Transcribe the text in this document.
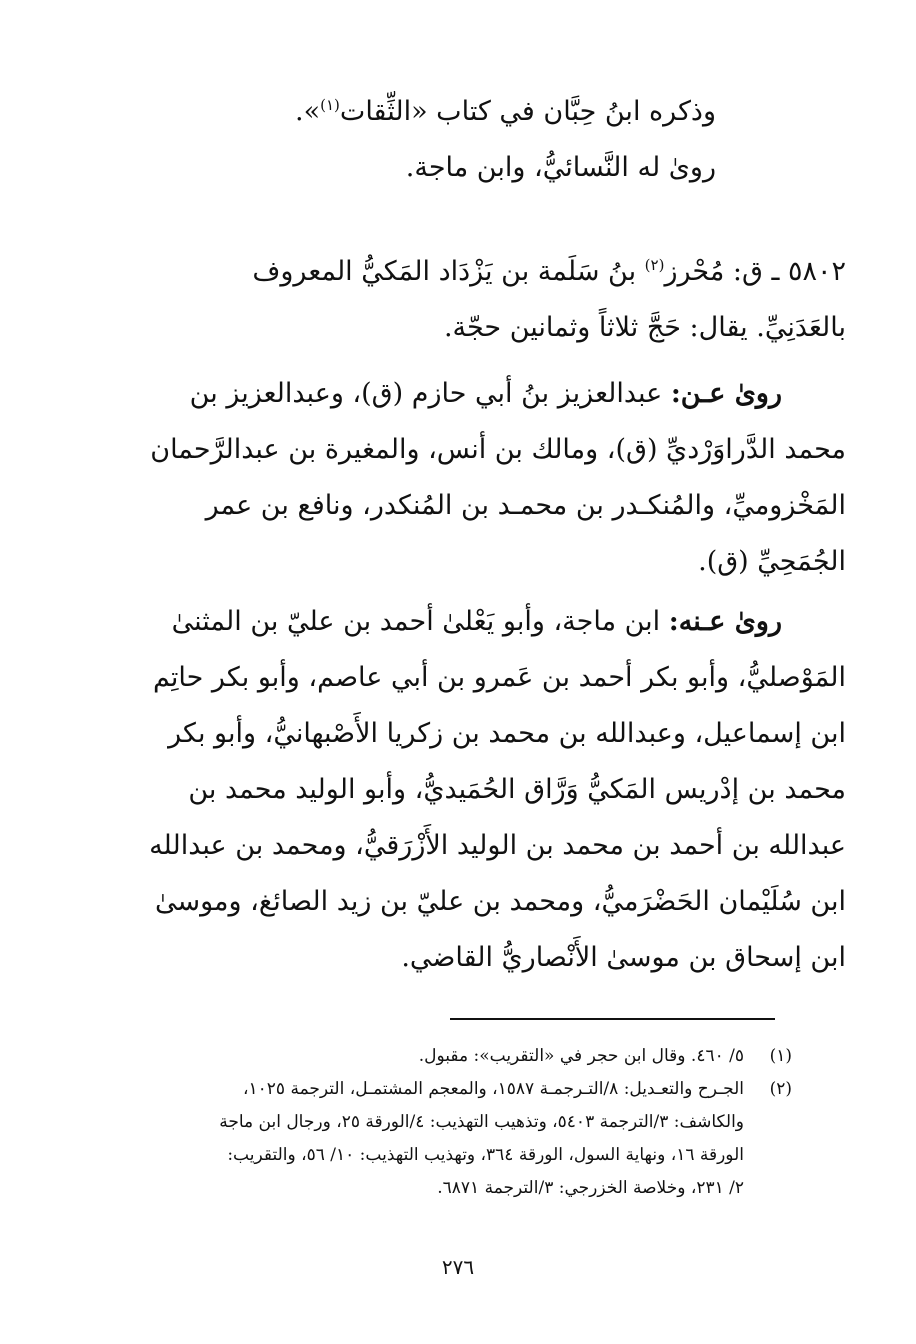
وذكره ابنُ حِبَّان في كتاب «الثِّقات$^{(١)}$».
رویٰ له النَّسائيُّ، وابن ماجة.
٥٨٠٢ ـ ق: مُحْرز$^{(٢)}$ بنُ سَلَمة بن يَزْدَاد المَكيُّ المعروف
بالعَدَنِيِّ. يقال: حَجَّ ثلاثاً وثمانين حجّة.
روىٰ عـن: عبدالعزيز بنُ أبي حازم (ق)، وعبدالعزيز بن
محمد الدَّراوَرْديِّ (ق)، ومالك بن أنس، والمغيرة بن عبدالرَّحمان
المَخْزوميِّ، والمُنكـدر بن محمـد بن المُنكدر، ونافع بن عمر
الجُمَحِيِّ (ق).
روىٰ عـنه: ابن ماجة، وأبو يَعْلىٰ أحمد بن عليّ بن المثنىٰ
المَوْصليُّ، وأبو بكر أحمد بن عَمرو بن أبي عاصم، وأبو بكر حاتِم
ابن إسماعيل، وعبدالله بن محمد بن زكريا الأَصْبهانيُّ، وأبو بكر
محمد بن إدْريس المَكيُّ وَرَّاق الحُمَيديُّ، وأبو الوليد محمد بن
عبدالله بن أحمد بن محمد بن الوليد الأَزْرَقيُّ، ومحمد بن عبدالله
ابن سُلَيْمان الحَضْرَميُّ، ومحمد بن عليّ بن زيد الصائغ، وموسىٰ
ابن إسحاق بن موسىٰ الأَنْصاريُّ القاضي.
(١)
٥/ ٤٦٠. وقال ابن حجر في «التقريب»: مقبول.
(٢)
الجـرح والتعـديل: ٨/التـرجمـة ١٥٨٧، والمعجم المشتمـل، الترجمة ١٠٢٥،
والكاشف: ٣/الترجمة ٥٤٠٣، وتذهيب التهذيب: ٤/الورقة ٢٥، ورجال ابن ماجة
الورقة ١٦، ونهاية السول، الورقة ٣٦٤، وتهذيب التهذيب: ١٠/ ٥٦، والتقريب:
٢/ ٢٣١، وخلاصة الخزرجي: ٣/الترجمة ٦٨٧١.
٢٧٦
